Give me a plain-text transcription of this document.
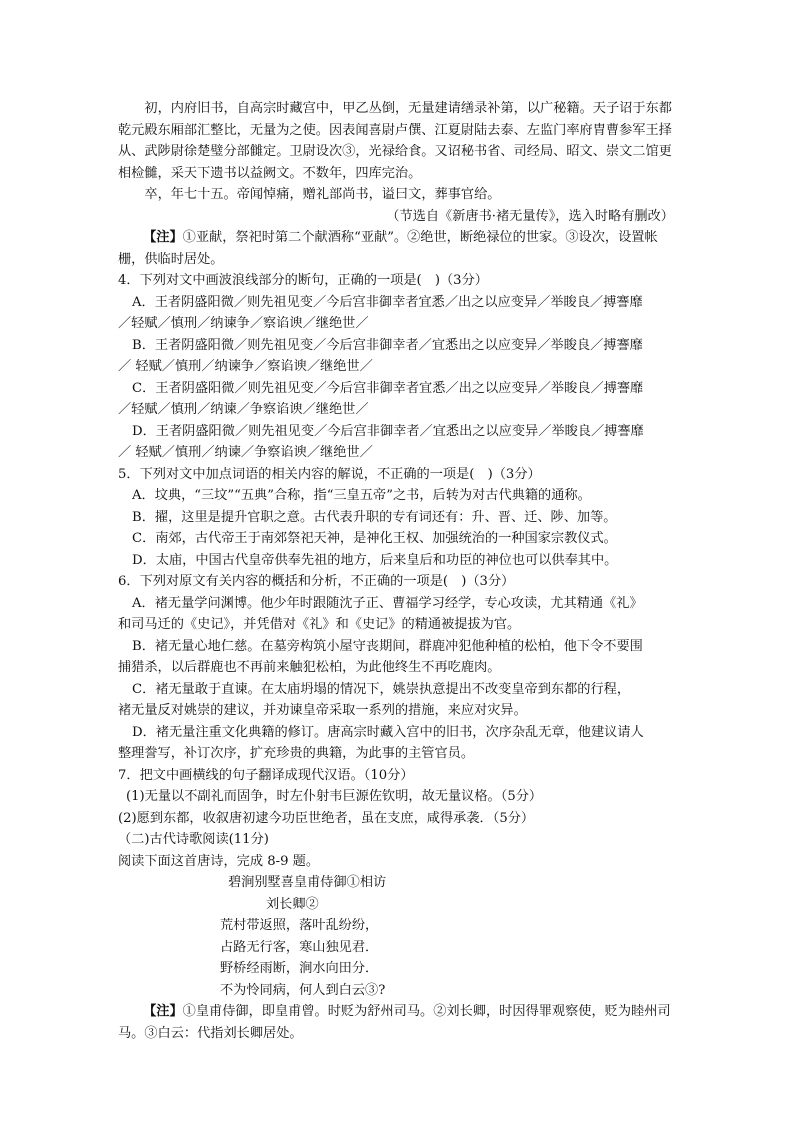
初，内府旧书，自高宗时藏宫中，甲乙丛倒，无量建请缮录补第，以广秘籍。天子诏于东都乾元殿东厢部汇整比，无量为之使。因表闻喜尉卢僎、江夏尉陆去泰、左监门率府胄曹参军王择从、武陟尉徐楚璧分部雠定。卫尉设次③，光禄给食。又诏秘书省、司经局、昭文、崇文二馆更相检雠，采天下遗书以益阙文。不数年，四库完治。

卒，年七十五。帝闻悼痛，赠礼部尚书，谥曰文，葬事官给。

（节选自《新唐书·褚无量传》，选入时略有删改）

【注】①亚献，祭祀时第二个献酒称“亚献”。②绝世，断绝禄位的世家。③设次，设置帐栅，供临时居处。

4．下列对文中画波浪线部分的断句，正确的一项是(　)（3分）

A．王者阴盛阳微／则先祖见变／今后宫非御幸者宜悉／出之以应变异／举睃良／搏謇靡

／轻赋／慎刑／纳谏争／察谄谀／继绝世／

B．王者阴盛阳微／则先祖见变／今后宫非御幸者／宜悉出之以应变异／举睃良／搏謇靡

／ 轻赋／慎刑／纳谏争／察谄谀／继绝世／

C．王者阴盛阳微／则先祖见变／今后宫非御幸者宜悉／出之以应变异／举睃良／搏謇靡

／轻赋／慎刑／纳谏／争察谄谀／继绝世／

D．王者阴盛阳微／则先祖见变／今后宫非御幸者／宜悉出之以应变异／举睃良／搏謇靡

／ 轻赋／慎刑／纳谏／争察谄谀／继绝世／

5．下列对文中加点词语的相关内容的解说，不正确的一项是(　)（3分）

A．坟典，“三坟”“五典”合称，指“三皇五帝”之书，后转为对古代典籍的通称。

B．擢，这里是提升官职之意。古代表升职的专有词还有：升、晋、迁、陟、加等。

C．南郊，古代帝王于南郊祭祀天神，是神化王权、加强统治的一种国家宗教仪式。

D．太庙，中国古代皇帝供奉先祖的地方，后来皇后和功臣的神位也可以供奉其中。

6．下列对原文有关内容的概括和分析，不正确的一项是(　)（3分）

A．褚无量学问渊博。他少年时跟随沈子正、曹福学习经学，专心攻读，尤其精通《礼》

和司马迁的《史记》，并凭借对《礼》和《史记》的精通被提拔为官。

B．褚无量心地仁慈。在墓旁构筑小屋守丧期间，群鹿冲犯他种植的松柏，他下令不要围

捕猎杀，以后群鹿也不再前来触犯松柏，为此他终生不再吃鹿肉。

C．褚无量敢于直谏。在太庙坍塌的情况下，姚崇执意提出不改变皇帝到东都的行程，

褚无量反对姚崇的建议，并劝谏皇帝采取一系列的措施，来应对灾异。

D．褚无量注重文化典籍的修订。唐高宗时藏入宫中的旧书，次序杂乱无章，他建议请人

整理誊写，补订次序，扩充珍贵的典籍，为此事的主管官员。

7．把文中画横线的句子翻译成现代汉语。（10分）

(1)无量以不副礼而固争，时左仆射韦巨源佐钦明，故无量议格。（5分）

(2)愿到东都，收叙唐初逮今功臣世绝者，虽在支庶，咸得承袭．（5分）

（二)古代诗歌阅读(11分)

阅读下面这首唐诗，完成 8-9 题。

碧涧别墅喜皇甫侍御①相访

刘长卿②

荒村带返照，落叶乱纷纷，

占路无行客，寒山独见君．

野桥经雨断，涧水向田分．

不为怜同病，何人到白云③?

【注】①皇甫侍御，即皇甫曾。时贬为舒州司马。②刘长卿，时因得罪观察使，贬为睦州司马。③白云：代指刘长卿居处。
